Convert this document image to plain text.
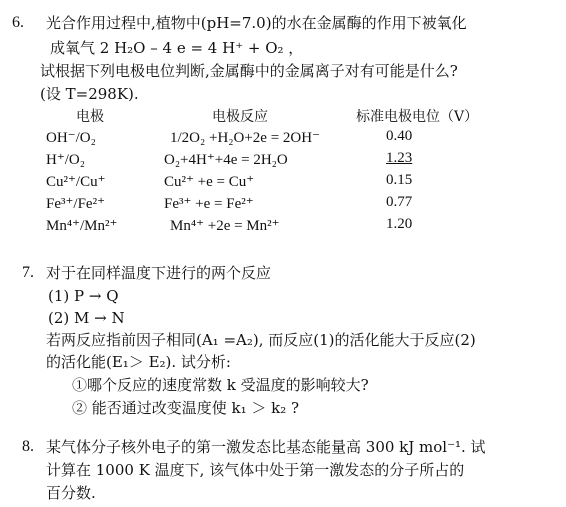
6. 光合作用过程中,植物中(pH=7.0)的水在金属酶的作用下被氧化
成氧气 2 H₂O – 4 e = 4 H⁺ + O₂ ，
试根据下列电极电位判断,金属酶中的金属离子对有可能是什么?
(设 T=298K).
电极	电极反应	标准电极电位（V）
OH⁻/O₂	1/2O₂ +H₂O+2e = 2OH⁻	0.40
H⁺/O₂	O₂+4H⁺+4e = 2H₂O	1.23
Cu²⁺/Cu⁺	Cu²⁺ +e = Cu⁺	0.15
Fe³⁺/Fe²⁺	Fe³⁺ +e = Fe²⁺	0.77
Mn⁴⁺/Mn²⁺	Mn⁴⁺ +2e = Mn²⁺	1.20
7. 对于在同样温度下进行的两个反应
(1) P → Q
(2) M → N
若两反应指前因子相同(A₁ =A₂), 而反应(1)的活化能大于反应(2)
的活化能(E₁＞ E₂). 试分析:
①哪个反应的速度常数 k 受温度的影响较大?
② 能否通过改变温度使 k₁ ＞ k₂ ?
8. 某气体分子核外电子的第一激发态比基态能量高 300 kJ mol⁻¹. 试
计算在 1000 K 温度下, 该气体中处于第一激发态的分子所占的
百分数.
